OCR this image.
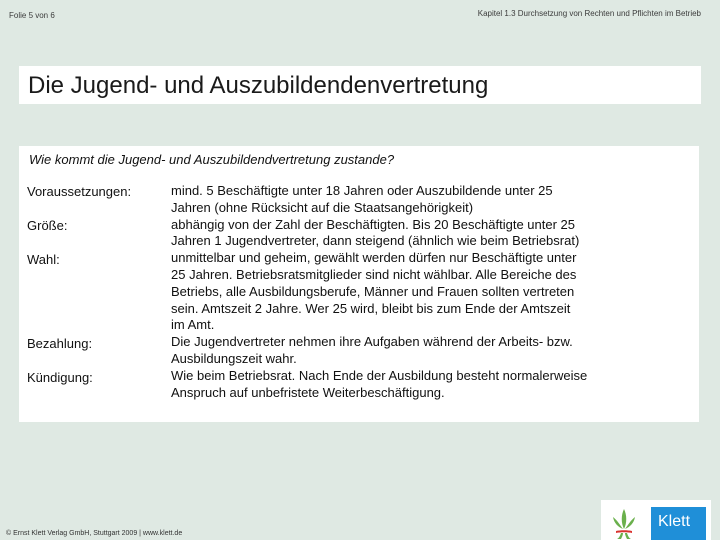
Folie 5 von 6	Kapitel 1.3 Durchsetzung von Rechten und Pflichten im Betrieb
Die Jugend- und Auszubildendenvertretung
Wie kommt die Jugend- und Auszubildendvertretung zustande?
Voraussetzungen:
Größe:
Wahl:
Bezahlung:
Kündigung:
mind. 5 Beschäftigte unter 18 Jahren oder Auszubildende unter 25
Jahren (ohne Rücksicht auf die Staatsangehörigkeit)
abhängig von der Zahl der Beschäftigten. Bis 20 Beschäftigte unter 25
Jahren 1 Jugendvertreter, dann steigend (ähnlich wie beim Betriebsrat)
unmittelbar und geheim, gewählt werden dürfen nur Beschäftigte unter
25 Jahren. Betriebsratsmitglieder sind nicht wählbar. Alle Bereiche des
Betriebs, alle Ausbildungsberufe, Männer und Frauen sollten vertreten
sein. Amtszeit 2 Jahre. Wer 25 wird, bleibt bis zum Ende der Amtszeit
im Amt.
Die Jugendvertreter nehmen ihre Aufgaben während der Arbeits- bzw.
Ausbildungszeit wahr.
Wie beim Betriebsrat. Nach Ende der Ausbildung besteht normalerweise
Anspruch auf unbefristete Weiterbeschäftigung.
© Ernst Klett Verlag GmbH, Stuttgart 2009 | www.klett.de
Klett
